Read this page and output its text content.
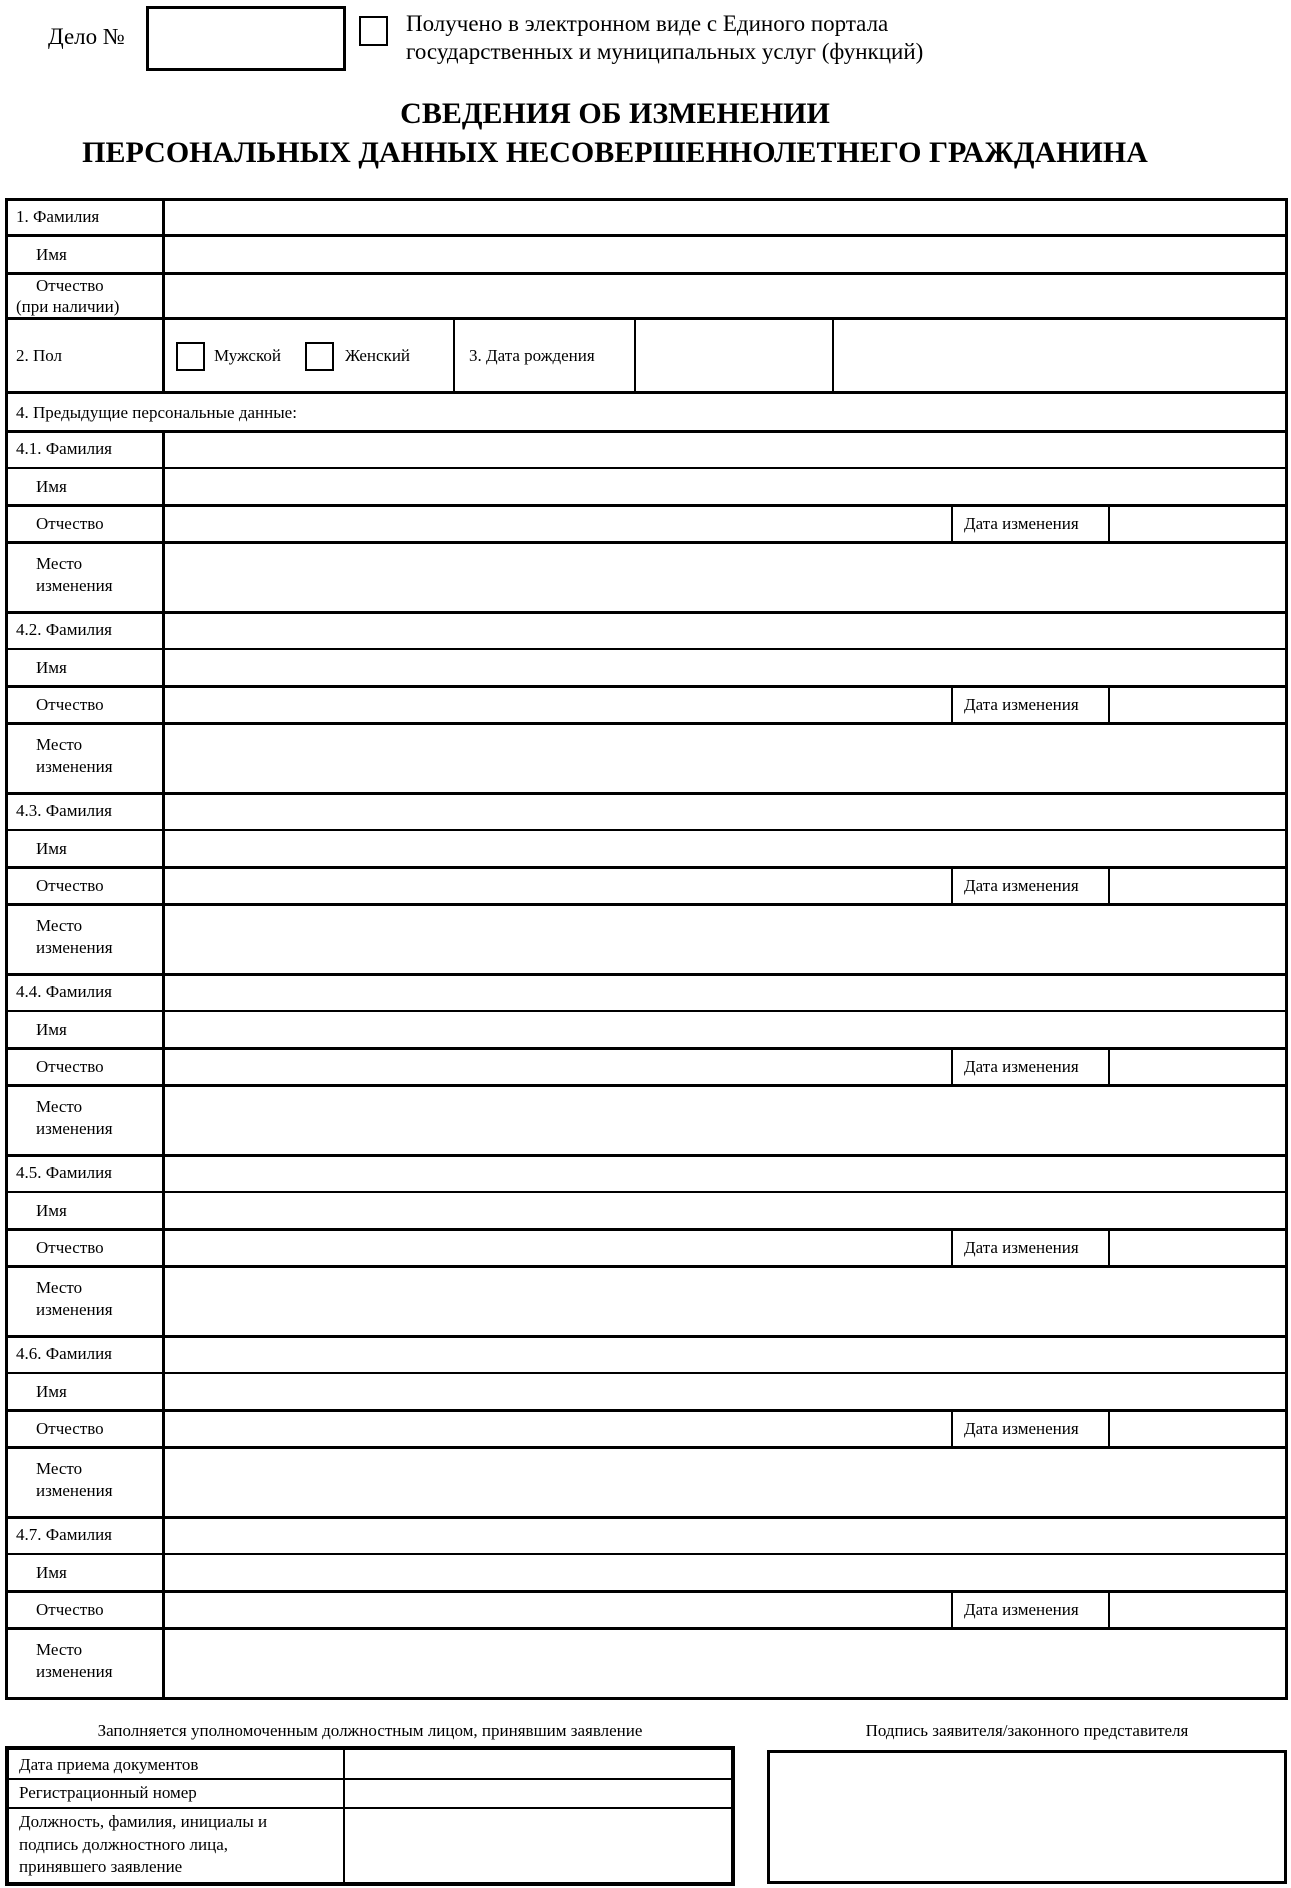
Дело №
Получено в электронном виде с Единого портала
государственных и муниципальных услуг (функций)
СВЕДЕНИЯ ОБ ИЗМЕНЕНИИ
ПЕРСОНАЛЬНЫХ ДАННЫХ НЕСОВЕРШЕННОЛЕТНЕГО ГРАЖДАНИНА
1. Фамилия
Имя
Отчество
(при наличии)
2. Пол	Мужской	Женский	3. Дата рождения
4. Предыдущие персональные данные:
4.1. Фамилия
Имя
Отчество	Дата изменения
Место
изменения
4.2. Фамилия
Имя
Отчество	Дата изменения
Место
изменения
4.3. Фамилия
Имя
Отчество	Дата изменения
Место
изменения
4.4. Фамилия
Имя
Отчество	Дата изменения
Место
изменения
4.5. Фамилия
Имя
Отчество	Дата изменения
Место
изменения
4.6. Фамилия
Имя
Отчество	Дата изменения
Место
изменения
4.7. Фамилия
Имя
Отчество	Дата изменения
Место
изменения
Заполняется уполномоченным должностным лицом, принявшим заявление
Дата приема документов
Регистрационный номер
Должность, фамилия, инициалы и
подпись должностного лица,
принявшего заявление
Подпись заявителя/законного представителя
